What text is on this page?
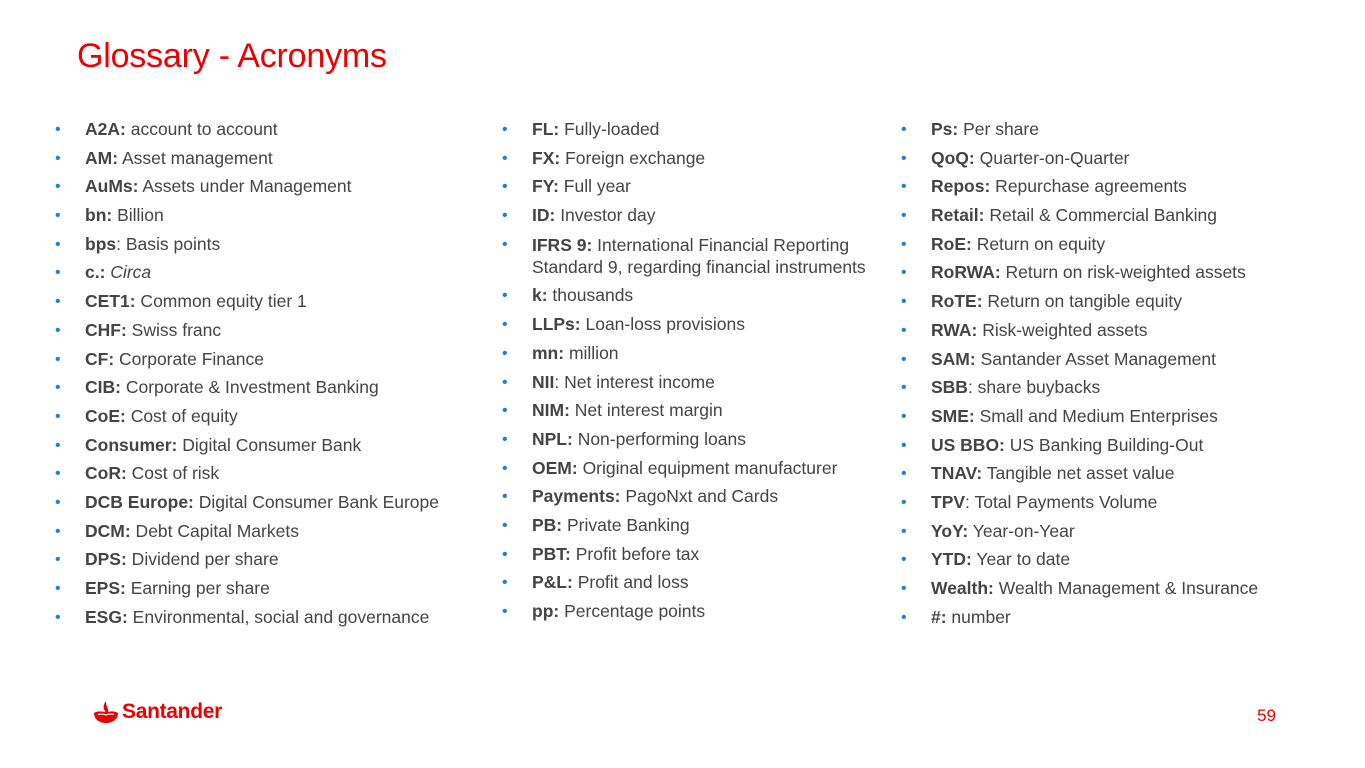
Glossary - Acronyms
• A2A: account to account
• AM: Asset management
• AuMs: Assets under Management
• bn: Billion
• bps: Basis points
• c.: Circa
• CET1: Common equity tier 1
• CHF: Swiss franc
• CF: Corporate Finance
• CIB: Corporate & Investment Banking
• CoE: Cost of equity
• Consumer: Digital Consumer Bank
• CoR: Cost of risk
• DCB Europe: Digital Consumer Bank Europe
• DCM: Debt Capital Markets
• DPS: Dividend per share
• EPS: Earning per share
• ESG: Environmental, social and governance
• FL: Fully-loaded
• FX: Foreign exchange
• FY: Full year
• ID: Investor day
• IFRS 9: International Financial Reporting Standard 9, regarding financial instruments
• k: thousands
• LLPs: Loan-loss provisions
• mn: million
• NII: Net interest income
• NIM: Net interest margin
• NPL: Non-performing loans
• OEM: Original equipment manufacturer
• Payments: PagoNxt and Cards
• PB: Private Banking
• PBT: Profit before tax
• P&L: Profit and loss
• pp: Percentage points
• Ps: Per share
• QoQ: Quarter-on-Quarter
• Repos: Repurchase agreements
• Retail: Retail & Commercial Banking
• RoE: Return on equity
• RoRWA: Return on risk-weighted assets
• RoTE: Return on tangible equity
• RWA: Risk-weighted assets
• SAM: Santander Asset Management
• SBB: share buybacks
• SME: Small and Medium Enterprises
• US BBO: US Banking Building-Out
• TNAV: Tangible net asset value
• TPV: Total Payments Volume
• YoY: Year-on-Year
• YTD: Year to date
• Wealth: Wealth Management & Insurance
• #: number
Santander	59
